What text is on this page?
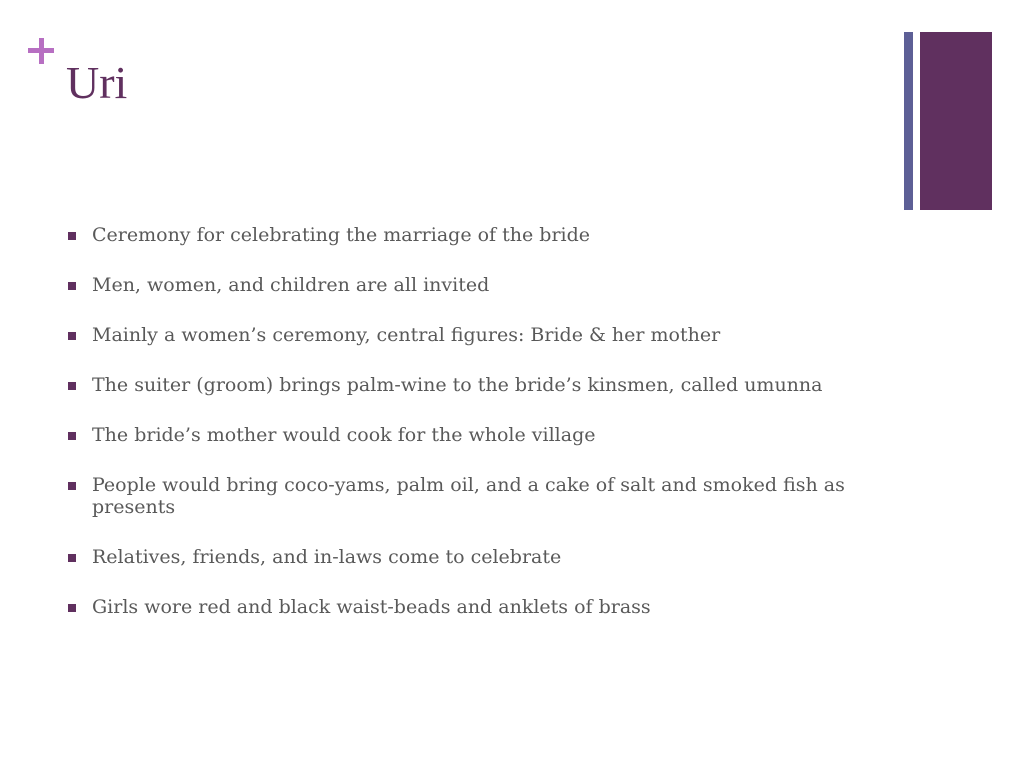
Uri
Ceremony for celebrating the marriage of the bride
Men, women, and children are all invited
Mainly a women’s ceremony, central figures: Bride & her mother
The suiter (groom) brings palm-wine to the bride’s kinsmen, called umunna
The bride’s mother would cook for the whole village
People would bring coco-yams, palm oil, and a cake of salt and smoked fish as presents
Relatives, friends, and in-laws come to celebrate
Girls wore red and black waist-beads and anklets of brass
